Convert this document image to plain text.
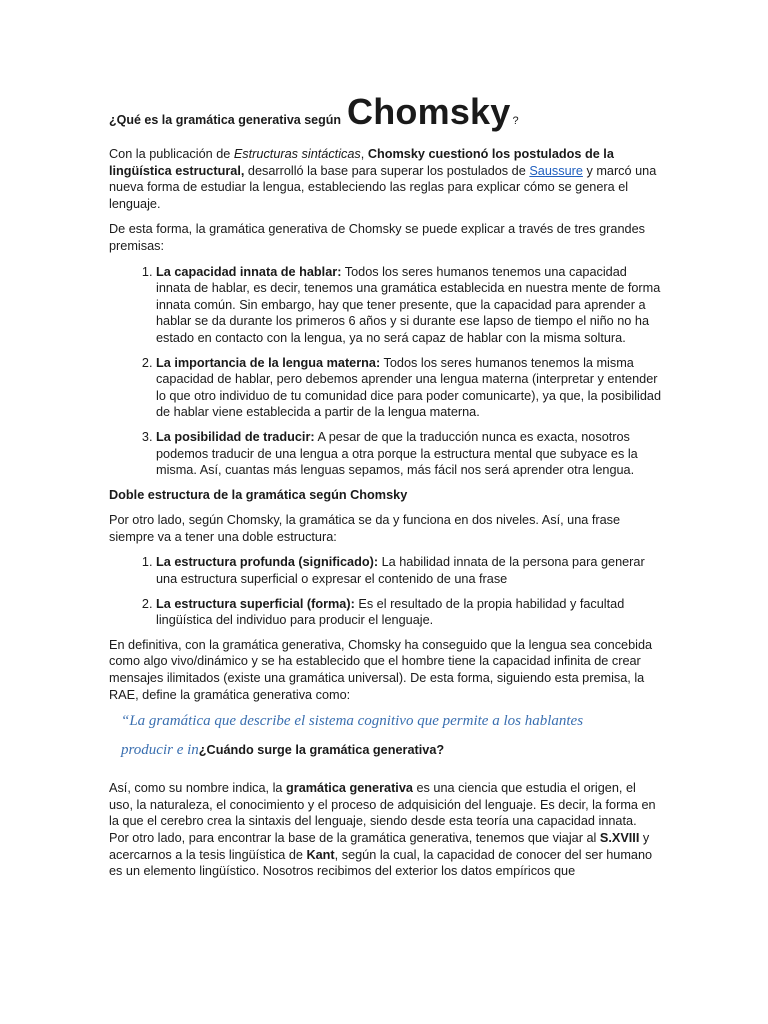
¿Qué es la gramática generativa según Chomsky ?

Con la publicación de Estructuras sintácticas, Chomsky cuestionó los postulados de la lingüística estructural, desarrolló la base para superar los postulados de Saussure y marcó una nueva forma de estudiar la lengua, estableciendo las reglas para explicar cómo se genera el lenguaje.

De esta forma, la gramática generativa de Chomsky se puede explicar a través de tres grandes premisas:

1. La capacidad innata de hablar: Todos los seres humanos tenemos una capacidad innata de hablar, es decir, tenemos una gramática establecida en nuestra mente de forma innata común. Sin embargo, hay que tener presente, que la capacidad para aprender a hablar se da durante los primeros 6 años y si durante ese lapso de tiempo el niño no ha estado en contacto con la lengua, ya no será capaz de hablar con la misma soltura.
2. La importancia de la lengua materna: Todos los seres humanos tenemos la misma capacidad de hablar, pero debemos aprender una lengua materna (interpretar y entender lo que otro individuo de tu comunidad dice para poder comunicarte), ya que, la posibilidad de hablar viene establecida a partir de la lengua materna.
3. La posibilidad de traducir: A pesar de que la traducción nunca es exacta, nosotros podemos traducir de una lengua a otra porque la estructura mental que subyace es la misma. Así, cuantas más lenguas sepamos, más fácil nos será aprender otra lengua.

Doble estructura de la gramática según Chomsky

Por otro lado, según Chomsky, la gramática se da y funciona en dos niveles. Así, una frase siempre va a tener una doble estructura:

1. La estructura profunda (significado): La habilidad innata de la persona para generar una estructura superficial o expresar el contenido de una frase
2. La estructura superficial (forma): Es el resultado de la propia habilidad y facultad lingüística del individuo para producir el lenguaje.

En definitiva, con la gramática generativa, Chomsky ha conseguido que la lengua sea concebida como algo vivo/dinámico y se ha establecido que el hombre tiene la capacidad infinita de crear mensajes ilimitados (existe una gramática universal). De esta forma, siguiendo esta premisa, la RAE, define la gramática generativa como:

“La gramática que describe el sistema cognitivo que permite a los hablantes
producir e in ¿Cuándo surge la gramática generativa?

Así, como su nombre indica, la gramática generativa es una ciencia que estudia el origen, el uso, la naturaleza, el conocimiento y el proceso de adquisición del lenguaje. Es decir, la forma en la que el cerebro crea la sintaxis del lenguaje, siendo desde esta teoría una capacidad innata.

Por otro lado, para encontrar la base de la gramática generativa, tenemos que viajar al S.XVIII y acercarnos a la tesis lingüística de Kant, según la cual, la capacidad de conocer del ser humano es un elemento lingüístico. Nosotros recibimos del exterior los datos empíricos que
